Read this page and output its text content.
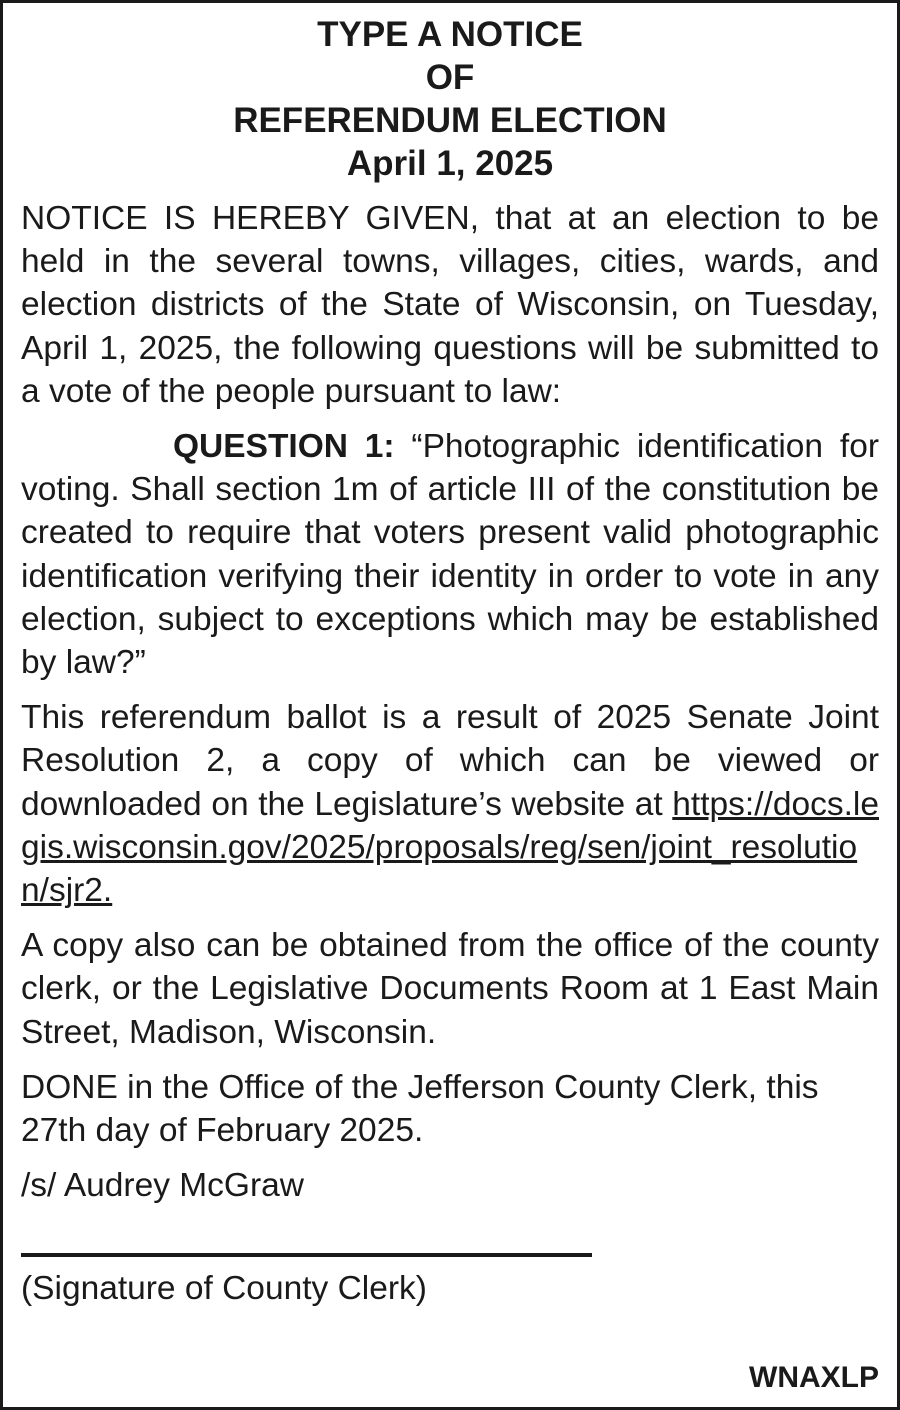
TYPE A NOTICE
OF
REFERENDUM ELECTION
April 1, 2025

NOTICE IS HEREBY GIVEN, that at an election to be held in the several towns, villages, cities, wards, and election districts of the State of Wisconsin, on Tuesday, April 1, 2025, the following questions will be submitted to a vote of the people pursuant to law:

QUESTION 1: “Photographic identification for voting. Shall section 1m of article III of the constitution be created to require that voters present valid photographic identification verifying their identity in order to vote in any election, subject to exceptions which may be established by law?”

This referendum ballot is a result of 2025 Senate Joint Resolution 2, a copy of which can be viewed or downloaded on the Legislature’s website at https://docs.legis.wisconsin.gov/2025/proposals/reg/sen/joint_resolution/sjr2.

A copy also can be obtained from the office of the county clerk, or the Legislative Documents Room at 1 East Main Street, Madison, Wisconsin.

DONE in the Office of the Jefferson County Clerk, this 27th day of February 2025.

/s/ Audrey McGraw

(Signature of County Clerk)

WNAXLP
